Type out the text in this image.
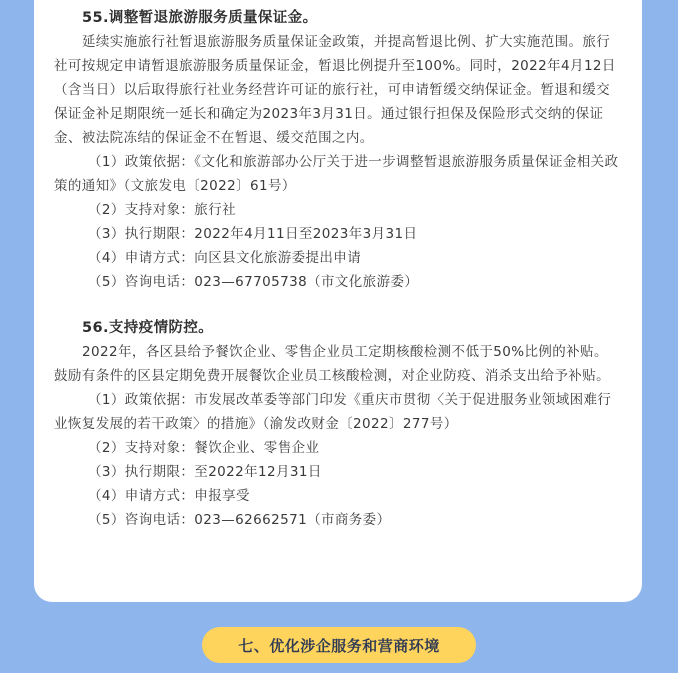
55.调整暂退旅游服务质量保证金。

延续实施旅行社暂退旅游服务质量保证金政策，并提高暂退比例、扩大实施范围。旅行社可按规定申请暂退旅游服务质量保证金，暂退比例提升至100%。同时，2022年4月12日（含当日）以后取得旅行社业务经营许可证的旅行社，可申请暂缓交纳保证金。暂退和缓交保证金补足期限统一延长和确定为2023年3月31日。通过银行担保及保险形式交纳的保证金、被法院冻结的保证金不在暂退、缓交范围之内。

（1）政策依据：《文化和旅游部办公厅关于进一步调整暂退旅游服务质量保证金相关政策的通知》（文旅发电〔2022〕61号）

（2）支持对象：旅行社

（3）执行期限：2022年4月11日至2023年3月31日

（4）申请方式：向区县文化旅游委提出申请

（5）咨询电话：023—67705738（市文化旅游委）

56.支持疫情防控。

2022年，各区县给予餐饮企业、零售企业员工定期核酸检测不低于50%比例的补贴。鼓励有条件的区县定期免费开展餐饮企业员工核酸检测，对企业防疫、消杀支出给予补贴。

（1）政策依据：市发展改革委等部门印发《重庆市贯彻〈关于促进服务业领域困难行业恢复发展的若干政策〉的措施》（渝发改财金〔2022〕277号）

（2）支持对象：餐饮企业、零售企业

（3）执行期限：至2022年12月31日

（4）申请方式：申报享受

（5）咨询电话：023—62662571（市商务委）

七、优化涉企服务和营商环境
